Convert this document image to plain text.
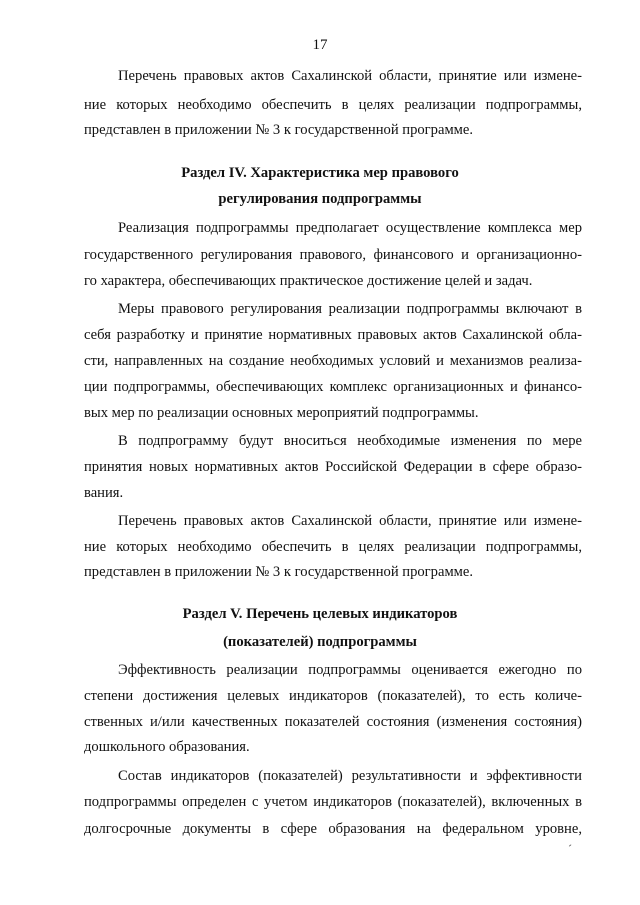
17
Перечень правовых актов Сахалинской области, принятие или измене-
ние которых необходимо обеспечить в целях реализации подпрограммы,
представлен в приложении № 3 к государственной программе.
Раздел IV. Характеристика мер правового
регулирования подпрограммы
Реализация подпрограммы предполагает осуществление комплекса мер
государственного регулирования правового, финансового и организационно-
го характера, обеспечивающих практическое достижение целей и задач.
Меры правового регулирования реализации подпрограммы включают в
себя разработку и принятие нормативных правовых актов Сахалинской обла-
сти, направленных на создание необходимых условий и механизмов реализа-
ции подпрограммы, обеспечивающих комплекс организационных и финансо-
вых мер по реализации основных мероприятий подпрограммы.
В подпрограмму будут вноситься необходимые изменения по мере
принятия новых нормативных актов Российской Федерации в сфере образо-
вания.
Перечень правовых актов Сахалинской области, принятие или измене-
ние которых необходимо обеспечить в целях реализации подпрограммы,
представлен в приложении № 3 к государственной программе.
Раздел V. Перечень целевых индикаторов
(показателей) подпрограммы
Эффективность реализации подпрограммы оценивается ежегодно по
степени достижения целевых индикаторов (показателей), то есть количе-
ственных и/или качественных показателей состояния (изменения состояния)
дошкольного образования.
Состав индикаторов (показателей) результативности и эффективности
подпрограммы определен с учетом индикаторов (показателей), включенных в
долгосрочные документы в сфере образования на федеральном уровне,
ˊ
